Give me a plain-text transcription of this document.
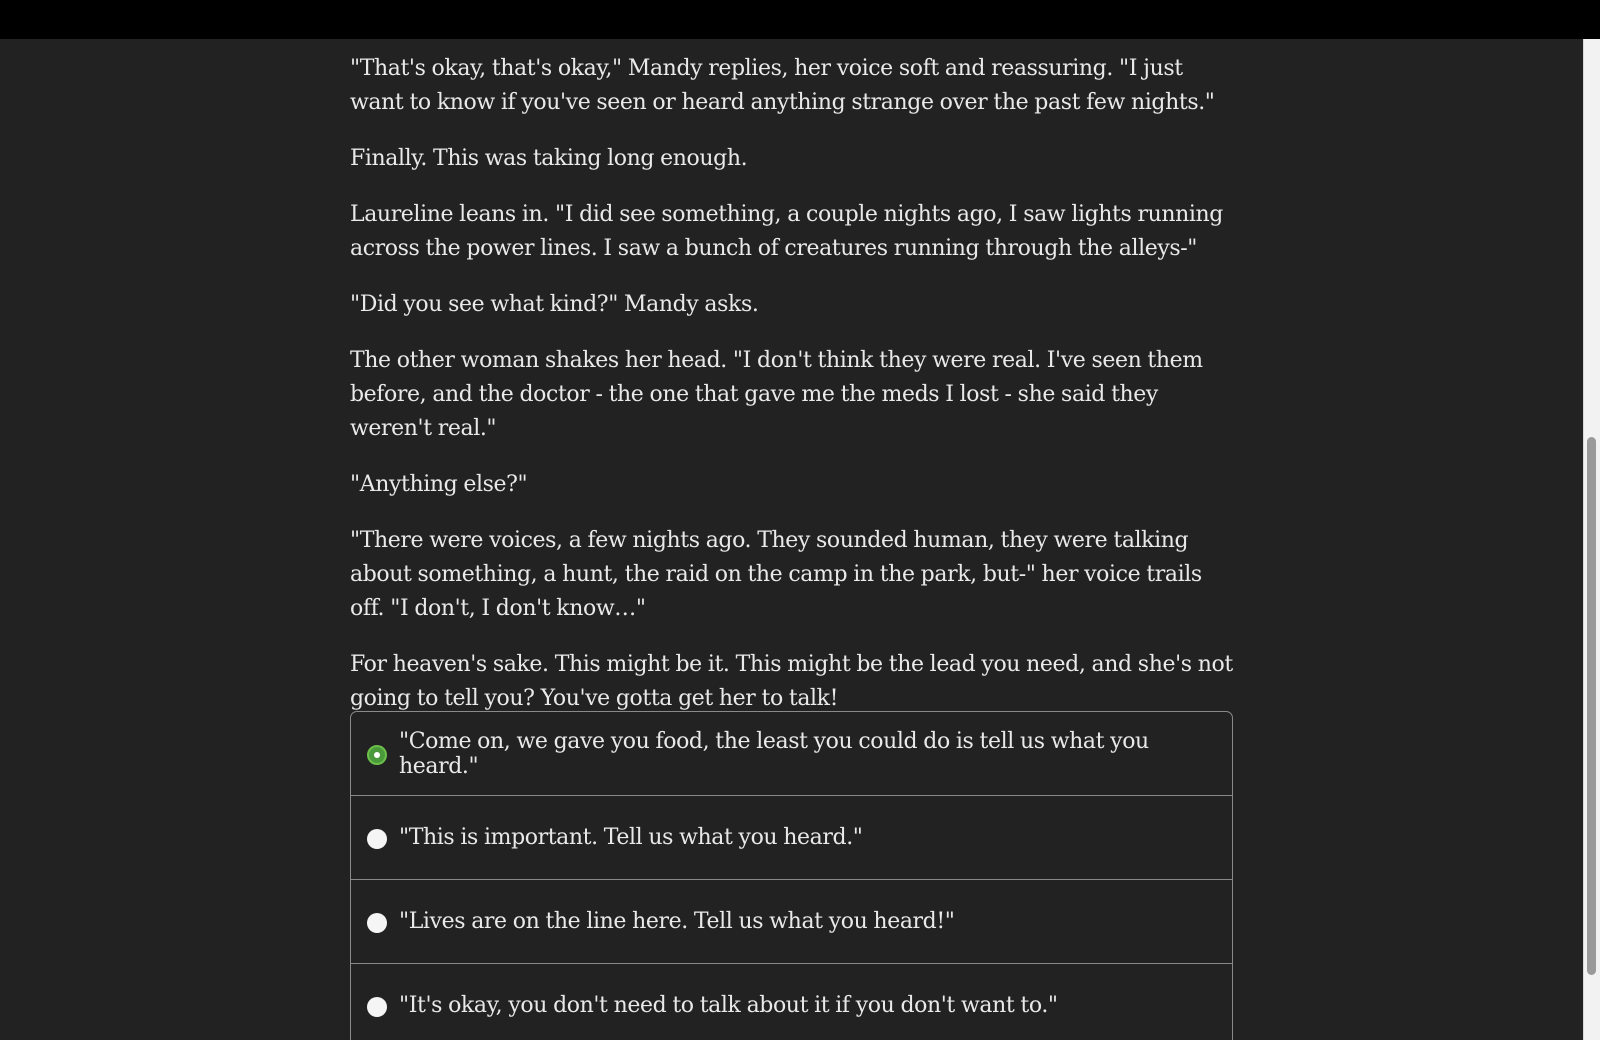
"That's okay, that's okay," Mandy replies, her voice soft and reassuring. "I just want to know if you've seen or heard anything strange over the past few nights."

Finally. This was taking long enough.

Laureline leans in. "I did see something, a couple nights ago, I saw lights running across the power lines. I saw a bunch of creatures running through the alleys-"

"Did you see what kind?" Mandy asks.

The other woman shakes her head. "I don't think they were real. I've seen them before, and the doctor - the one that gave me the meds I lost - she said they weren't real."

"Anything else?"

"There were voices, a few nights ago. They sounded human, they were talking about something, a hunt, the raid on the camp in the park, but-" her voice trails off. "I don't, I don't know…"

For heaven's sake. This might be it. This might be the lead you need, and she's not going to tell you? You've gotta get her to talk!

"Come on, we gave you food, the least you could do is tell us what you heard."
"This is important. Tell us what you heard."
"Lives are on the line here. Tell us what you heard!"
"It's okay, you don't need to talk about it if you don't want to."
